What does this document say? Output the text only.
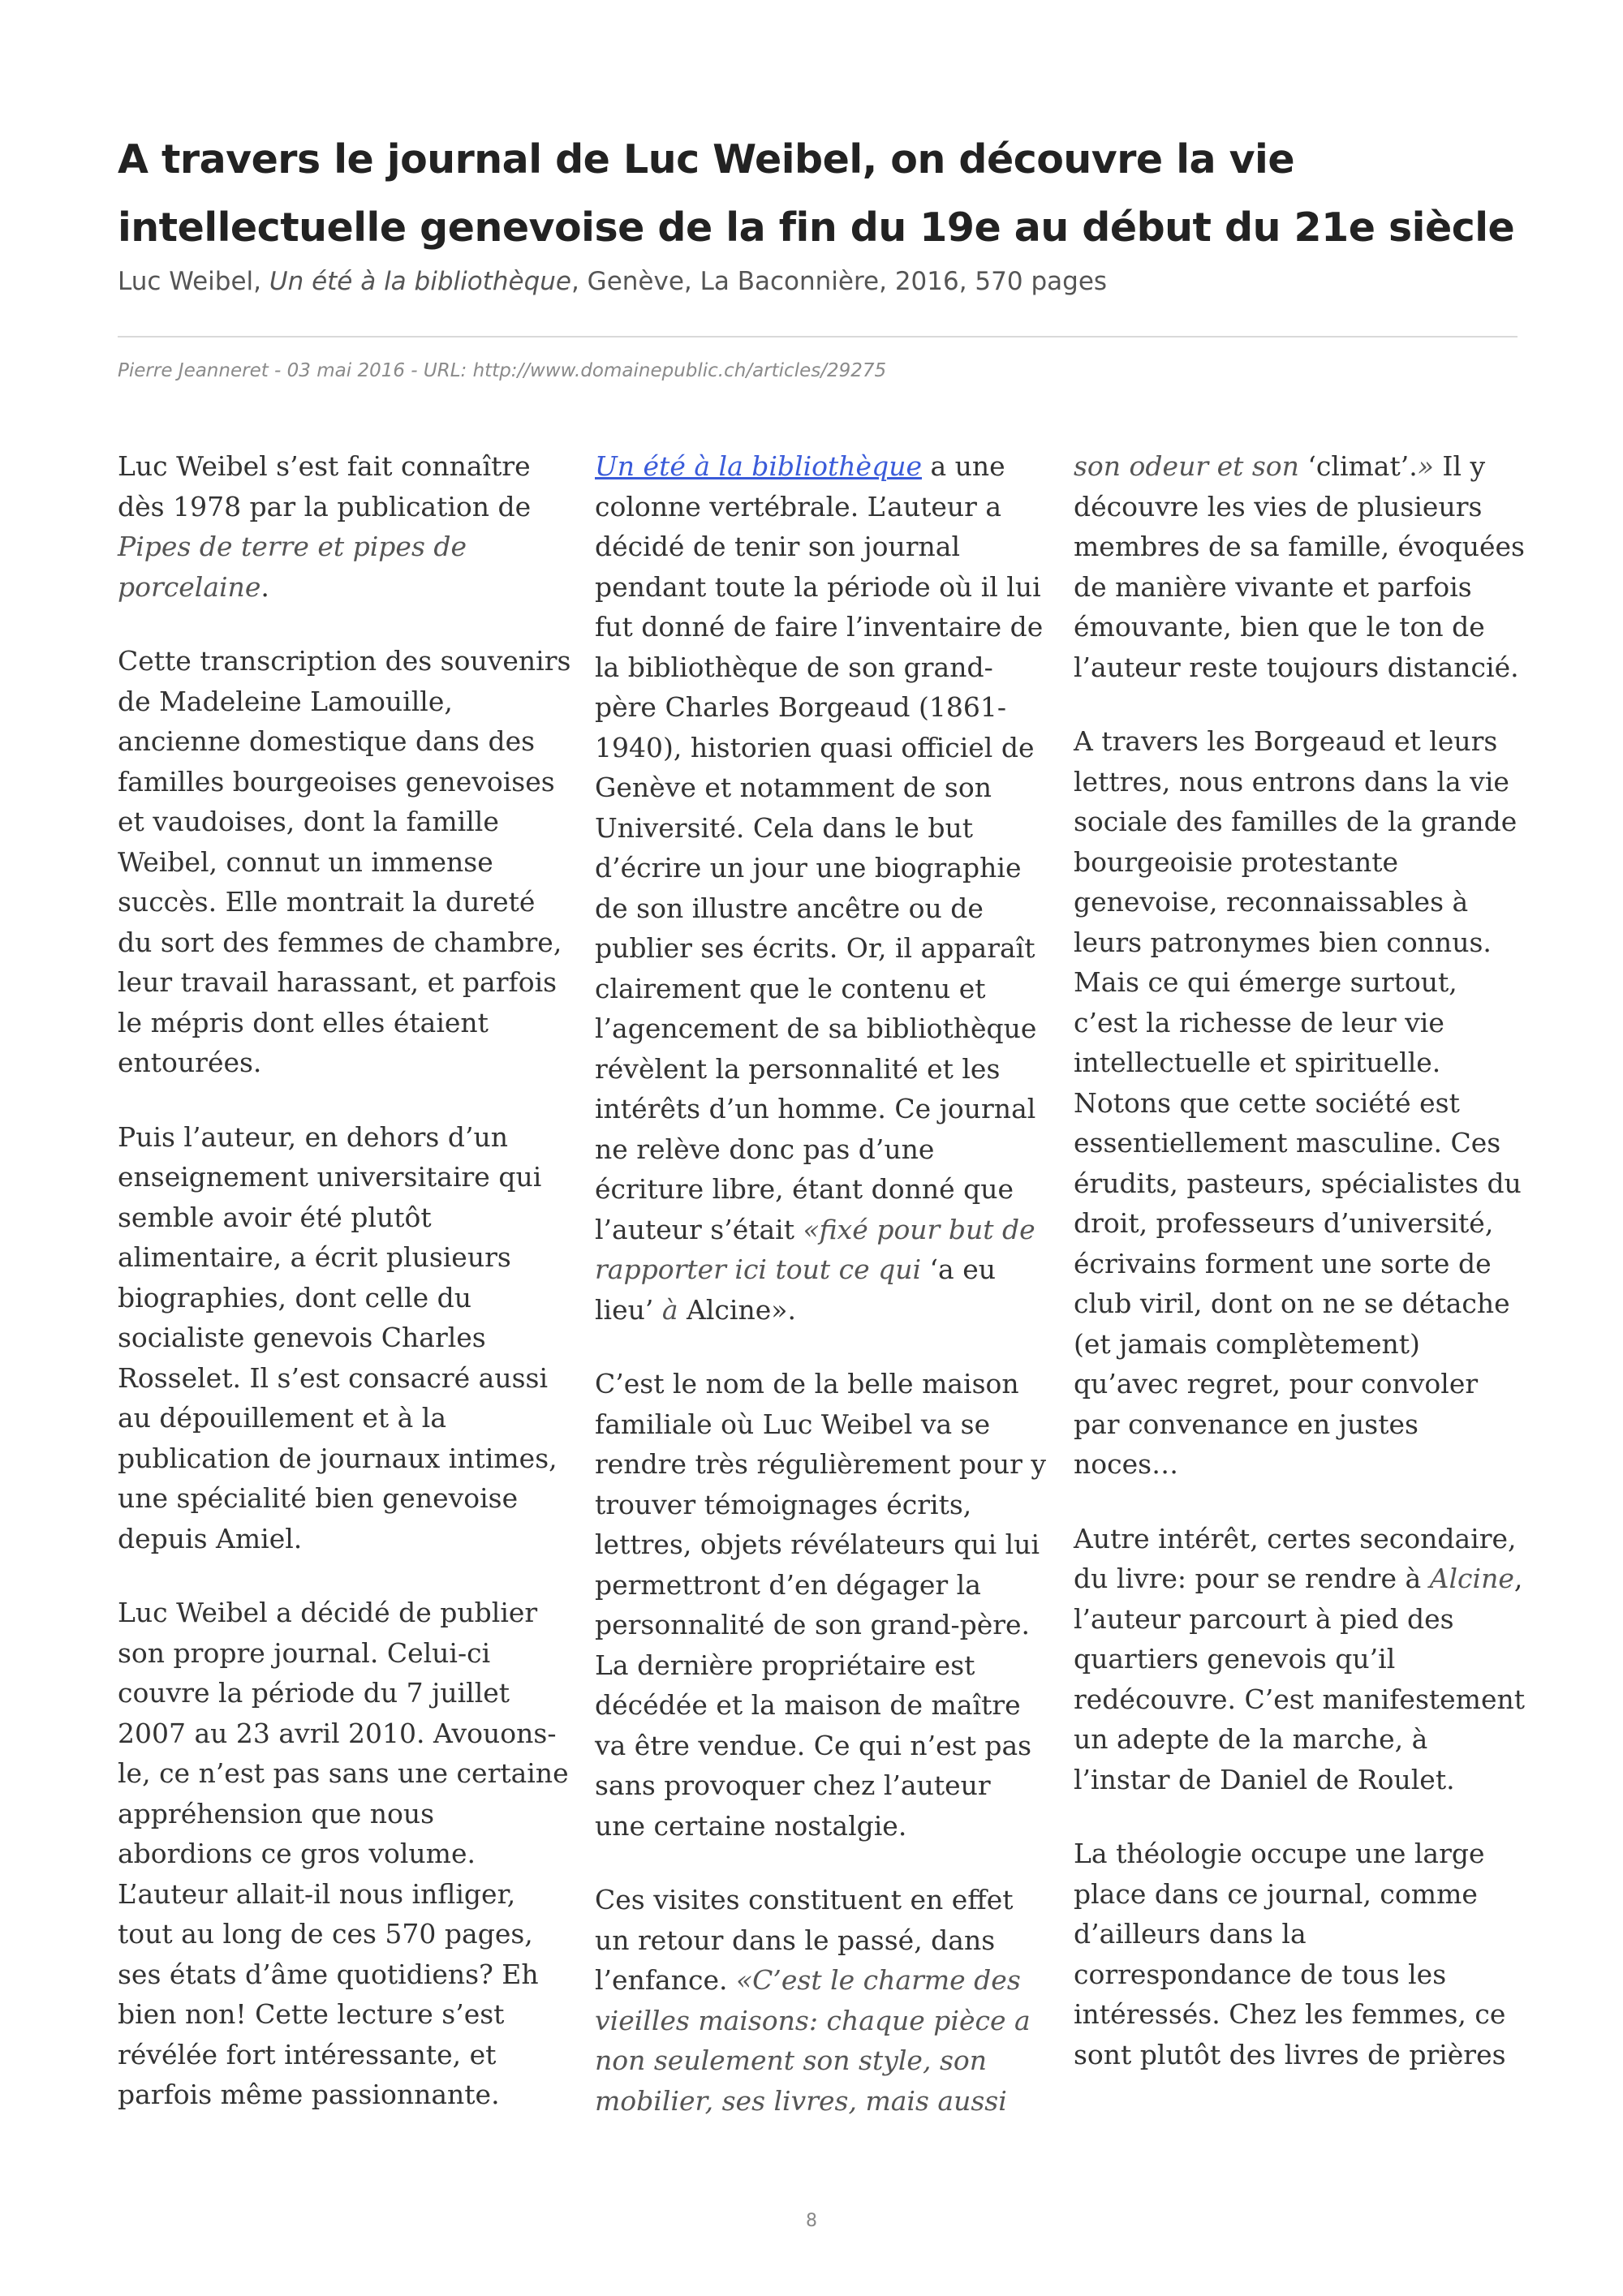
A travers le journal de Luc Weibel, on découvre la vie intellectuelle genevoise de la fin du 19e au début du 21e siècle
Luc Weibel, Un été à la bibliothèque, Genève, La Baconnière, 2016, 570 pages
Pierre Jeanneret - 03 mai 2016 - URL: http://www.domainepublic.ch/articles/29275

Luc Weibel s’est fait connaître dès 1978 par la publication de Pipes de terre et pipes de porcelaine.

Cette transcription des souvenirs de Madeleine Lamouille, ancienne domestique dans des familles bourgeoises genevoises et vaudoises, dont la famille Weibel, connut un immense succès. Elle montrait la dureté du sort des femmes de chambre, leur travail harassant, et parfois le mépris dont elles étaient entourées.

Puis l’auteur, en dehors d’un enseignement universitaire qui semble avoir été plutôt alimentaire, a écrit plusieurs biographies, dont celle du socialiste genevois Charles Rosselet. Il s’est consacré aussi au dépouillement et à la publication de journaux intimes, une spécialité bien genevoise depuis Amiel.

Luc Weibel a décidé de publier son propre journal. Celui-ci couvre la période du 7 juillet 2007 au 23 avril 2010. Avouons-le, ce n’est pas sans une certaine appréhension que nous abordions ce gros volume. L’auteur allait-il nous infliger, tout au long de ces 570 pages, ses états d’âme quotidiens? Eh bien non! Cette lecture s’est révélée fort intéressante, et parfois même passionnante.

Un été à la bibliothèque a une colonne vertébrale. L’auteur a décidé de tenir son journal pendant toute la période où il lui fut donné de faire l’inventaire de la bibliothèque de son grand-père Charles Borgeaud (1861-1940), historien quasi officiel de Genève et notamment de son Université. Cela dans le but d’écrire un jour une biographie de son illustre ancêtre ou de publier ses écrits. Or, il apparaît clairement que le contenu et l’agencement de sa bibliothèque révèlent la personnalité et les intérêts d’un homme. Ce journal ne relève donc pas d’une écriture libre, étant donné que l’auteur s’était «fixé pour but de rapporter ici tout ce qui ‘a eu lieu’ à Alcine».

C’est le nom de la belle maison familiale où Luc Weibel va se rendre très régulièrement pour y trouver témoignages écrits, lettres, objets révélateurs qui lui permettront d’en dégager la personnalité de son grand-père. La dernière propriétaire est décédée et la maison de maître va être vendue. Ce qui n’est pas sans provoquer chez l’auteur une certaine nostalgie.

Ces visites constituent en effet un retour dans le passé, dans l’enfance. «C’est le charme des vieilles maisons: chaque pièce a non seulement son style, son mobilier, ses livres, mais aussi

son odeur et son ‘climat’.» Il y découvre les vies de plusieurs membres de sa famille, évoquées de manière vivante et parfois émouvante, bien que le ton de l’auteur reste toujours distancié.

A travers les Borgeaud et leurs lettres, nous entrons dans la vie sociale des familles de la grande bourgeoisie protestante genevoise, reconnaissables à leurs patronymes bien connus. Mais ce qui émerge surtout, c’est la richesse de leur vie intellectuelle et spirituelle. Notons que cette société est essentiellement masculine. Ces érudits, pasteurs, spécialistes du droit, professeurs d’université, écrivains forment une sorte de club viril, dont on ne se détache (et jamais complètement) qu’avec regret, pour convoler par convenance en justes noces…

Autre intérêt, certes secondaire, du livre: pour se rendre à Alcine, l’auteur parcourt à pied des quartiers genevois qu’il redécouvre. C’est manifestement un adepte de la marche, à l’instar de Daniel de Roulet.

La théologie occupe une large place dans ce journal, comme d’ailleurs dans la correspondance de tous les intéressés. Chez les femmes, ce sont plutôt des livres de prières

8
